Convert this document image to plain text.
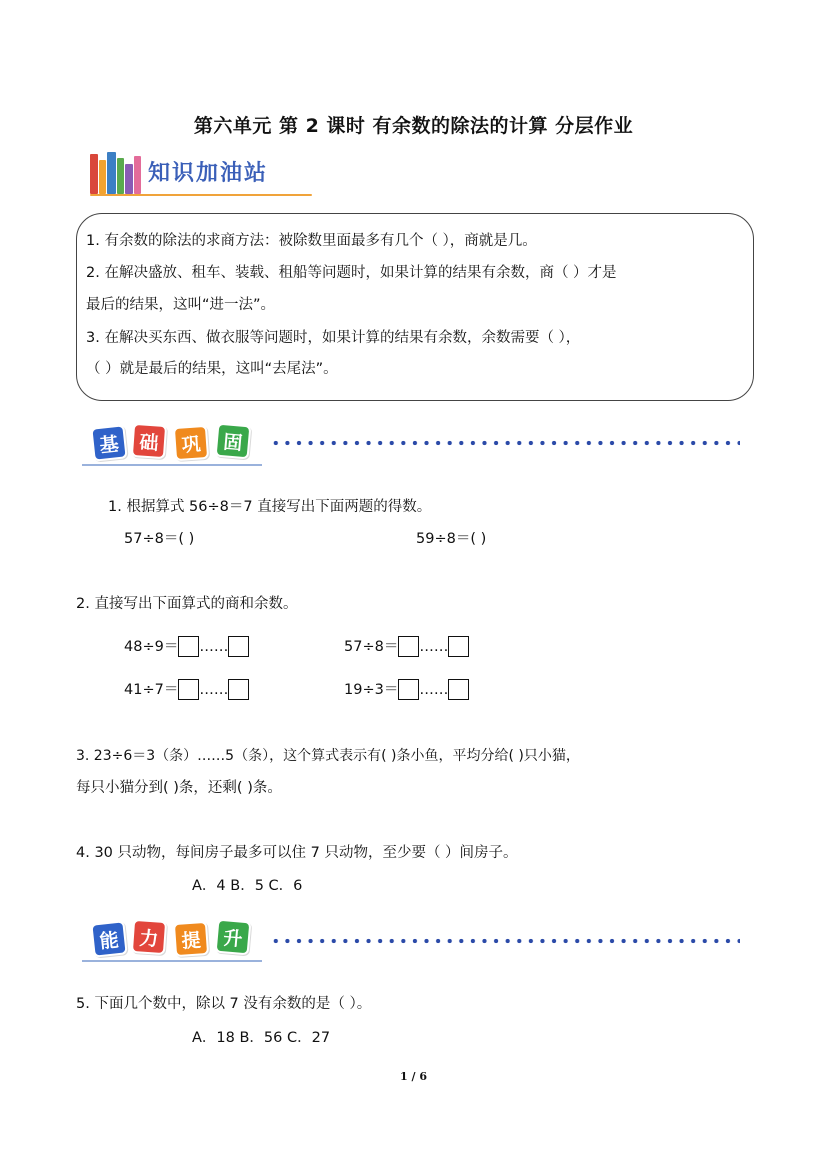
第六单元 第 2 课时 有余数的除法的计算 分层作业
知识加油站
1. 有余数的除法的求商方法：被除数里面最多有几个（ ），商就是几。
2. 在解决盛放、租车、装载、租船等问题时，如果计算的结果有余数，商（ ）才是
最后的结果，这叫“进一法”。
3. 在解决买东西、做衣服等问题时，如果计算的结果有余数，余数需要（ ），
（ ）就是最后的结果，这叫“去尾法”。
基 础	巩	固
1. 根据算式 56÷8＝7 直接写出下面两题的得数。
57÷8＝( )	59÷8＝( )
2. 直接写出下面算式的商和余数。
48÷9＝ ……	57÷8＝ ……
41÷7＝ ……	19÷3＝ ……
3. 23÷6＝3（条）……5（条），这个算式表示有( )条小鱼，平均分给( )只小猫，
每只小猫分到( )条，还剩( )条。
4. 30 只动物，每间房子最多可以住 7 只动物，至少要（ ）间房子。
A．4 B．5 C．6
能 力	提	升
5. 下面几个数中，除以 7 没有余数的是（ ）。
A．18 B．56 C．27
1 / 6
